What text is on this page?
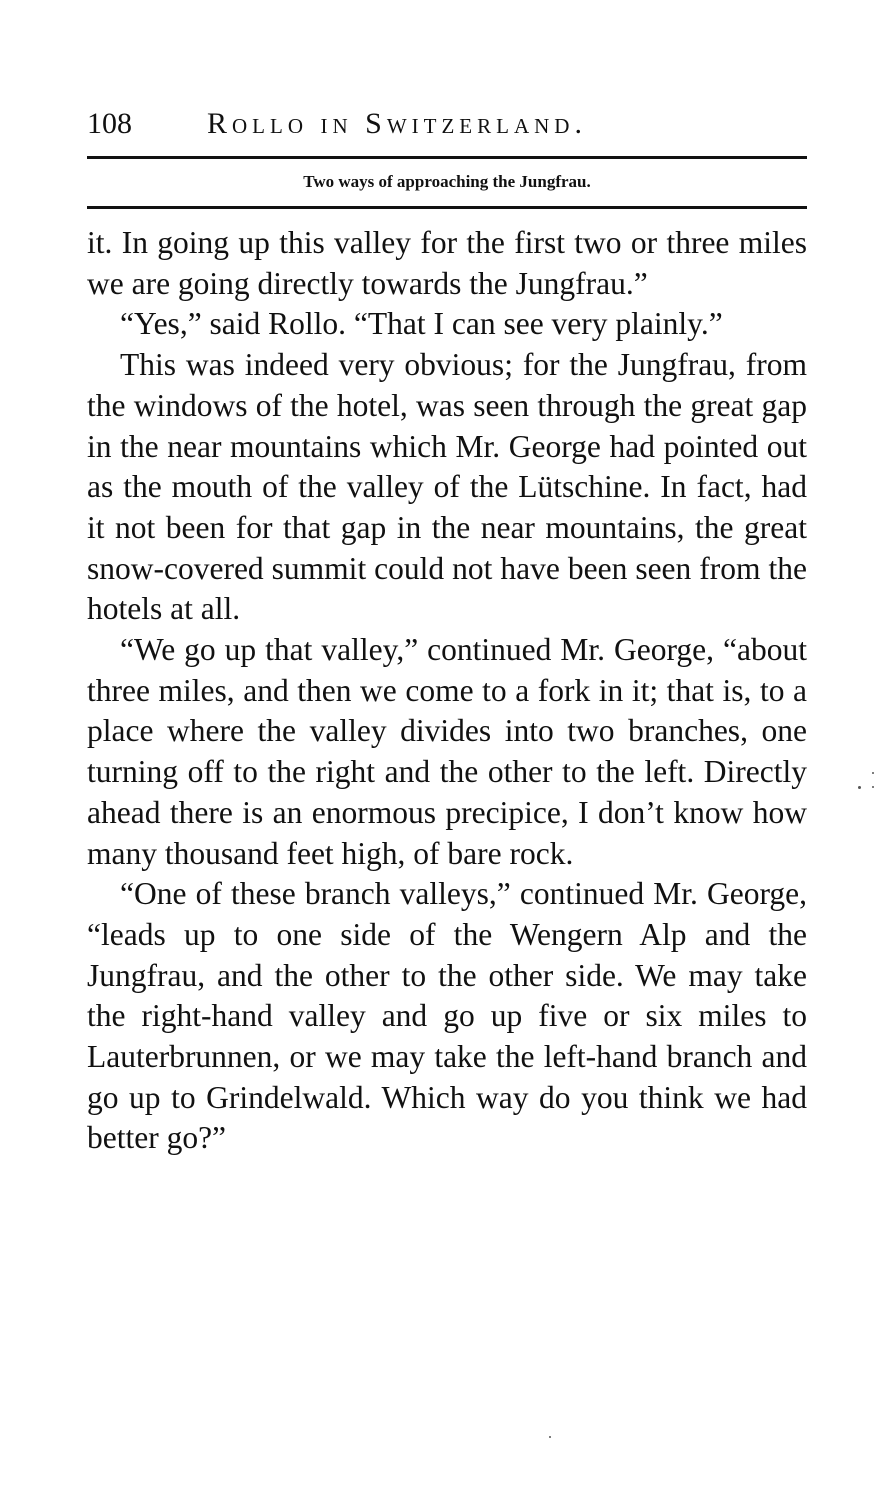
108	Rollo in Switzerland.
Two ways of approaching the Jungfrau.

it. In going up this valley for the first two or three miles we are going directly towards the Jungfrau.”

“Yes,” said Rollo. “That I can see very plainly.”

This was indeed very obvious; for the Jungfrau, from the windows of the hotel, was seen through the great gap in the near mountains which Mr. George had pointed out as the mouth of the valley of the Lütschine. In fact, had it not been for that gap in the near mountains, the great snow-covered summit could not have been seen from the hotels at all.

“We go up that valley,” continued Mr. George, “about three miles, and then we come to a fork in it; that is, to a place where the valley divides into two branches, one turning off to the right and the other to the left. Directly ahead there is an enormous precipice, I don’t know how many thousand feet high, of bare rock.

“One of these branch valleys,” continued Mr. George, “leads up to one side of the Wengern Alp and the Jungfrau, and the other to the other side. We may take the right-hand valley and go up five or six miles to Lauterbrunnen, or we may take the left-hand branch and go up to Grindelwald. Which way do you think we had better go?”
